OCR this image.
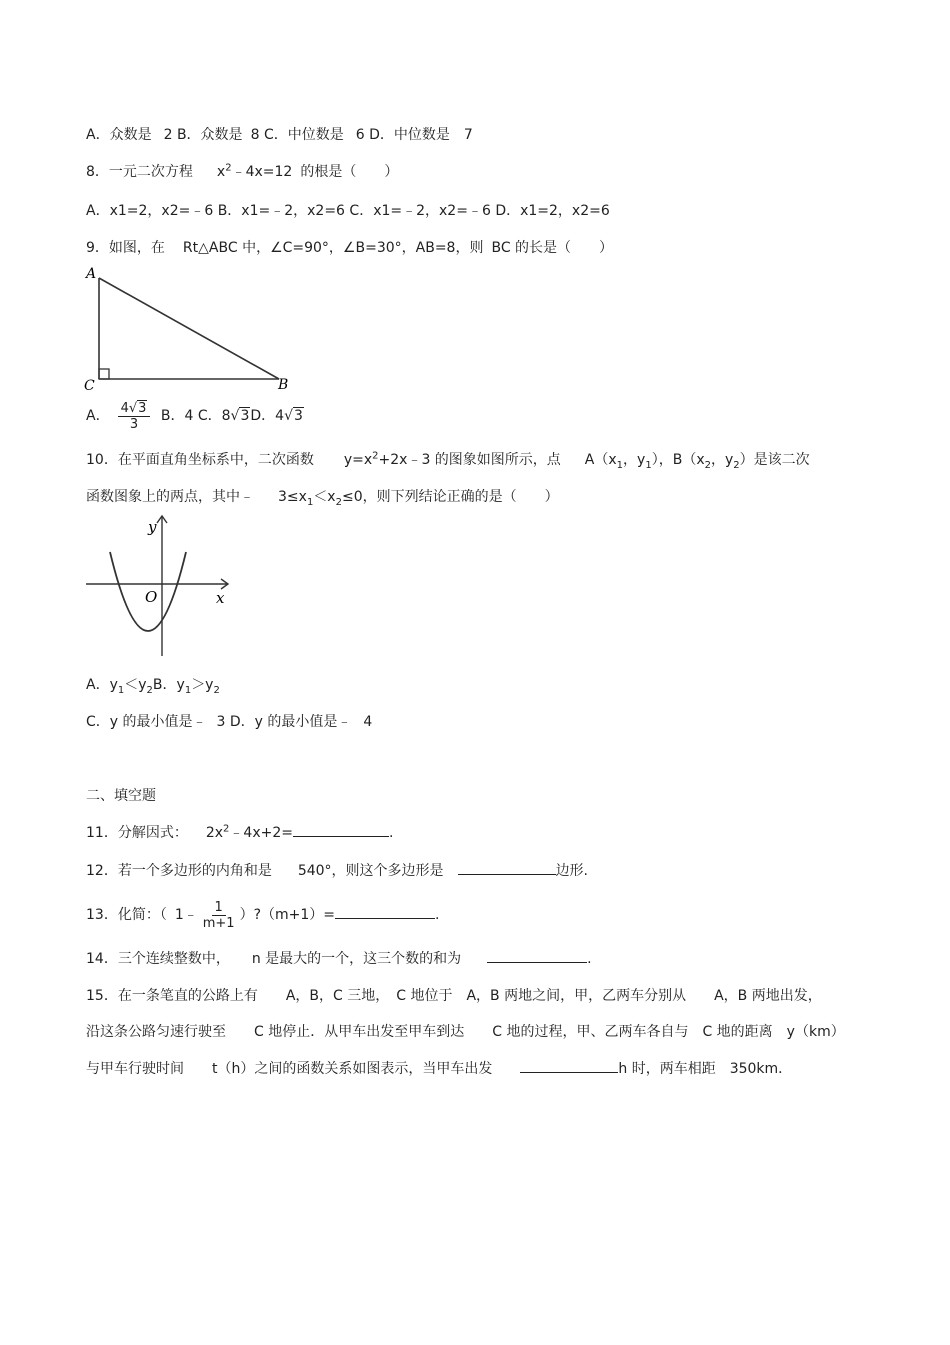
A．众数是 2 B．众数是 8 C．中位数是 6 D．中位数是 7
8．一元二次方程 $x^2﹣4x=12$ 的根是（　　）
A．x1=2，x2=﹣6 B．x1=﹣2，x2=6 C．x1=﹣2，x2=﹣6 D．x1=2，x2=6
9．如图，在 Rt△ABC 中，∠C=90°，∠B=30°，AB=8，则 BC 的长是（　　）
A
C	B
A． $\frac{4√3}{3}$ B．4 C．8√3D．4√3
10．在平面直角坐标系中，二次函数 $y=x^2+2x﹣3$ 的图象如图所示，点 $A(x_1$，$y_1$），$B(x_2$，$y_2$）是该二次
函数图象上的两点，其中﹣ $3\le x_1<x_2\le 0$，则下列结论正确的是（　　）
y
x
O
A．$y_1<y_2B$．$y_1>y_2$
C．y 的最小值是﹣ 3 D．y 的最小值是﹣ 4
二、填空题
11．分解因式： $2x^2﹣4x+2=$	.
12．若一个多边形的内角和是 540°，则这个多边形是	边形.
13．化简：（ 1﹣ $\frac{1}{m+1}$ ）?（m+1）=	.
14．三个连续整数中， n 是最大的一个，这三个数的和为	.
15．在一条笔直的公路上有　　A，B，C 三地，　C 地位于　A，B 两地之间，甲，乙两车分别从　　A，B 两地出发，
沿这条公路匀速行驶至　　C 地停止．从甲车出发至甲车到达　　C 地的过程，甲、乙两车各自与　C 地的距离　y（km）
与甲车行驶时间　　t（h）之间的函数关系如图表示，当甲车出发	h 时，两车相距　350km．
